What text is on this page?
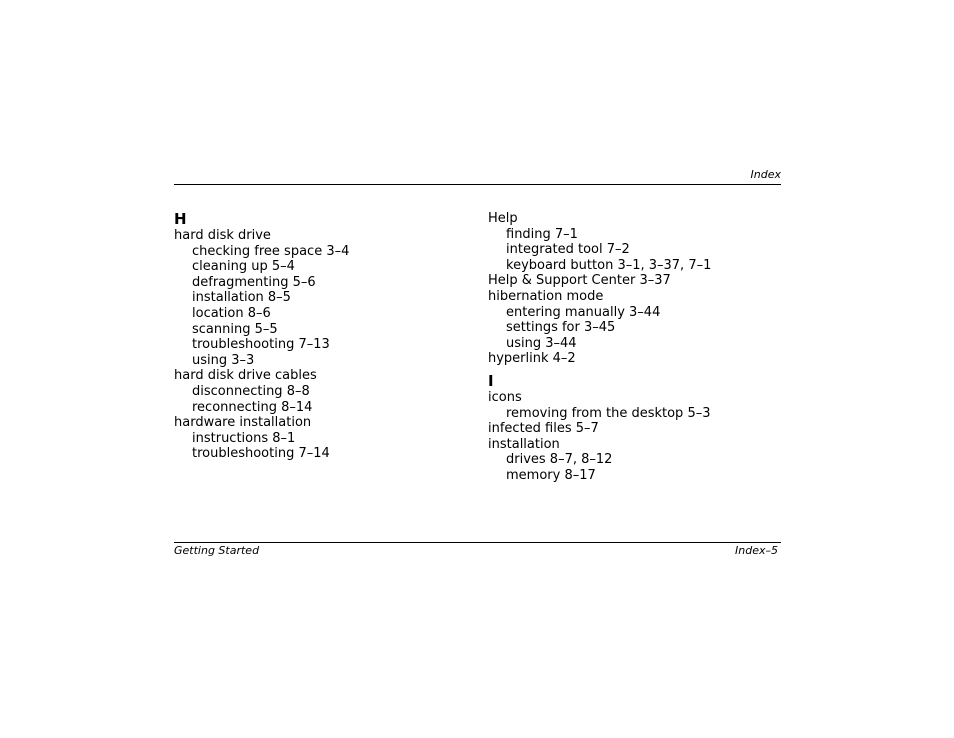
Index
H
hard disk drive
checking free space 3–4
cleaning up 5–4
defragmenting 5–6
installation 8–5
location 8–6
scanning 5–5
troubleshooting 7–13
using 3–3
hard disk drive cables
disconnecting 8–8
reconnecting 8–14
hardware installation
instructions 8–1
troubleshooting 7–14
Help
finding 7–1
integrated tool 7–2
keyboard button 3–1, 3–37, 7–1
Help & Support Center 3–37
hibernation mode
entering manually 3–44
settings for 3–45
using 3–44
hyperlink 4–2
I
icons
removing from the desktop 5–3
infected files 5–7
installation
drives 8–7, 8–12
memory 8–17
Getting Started	Index–5
